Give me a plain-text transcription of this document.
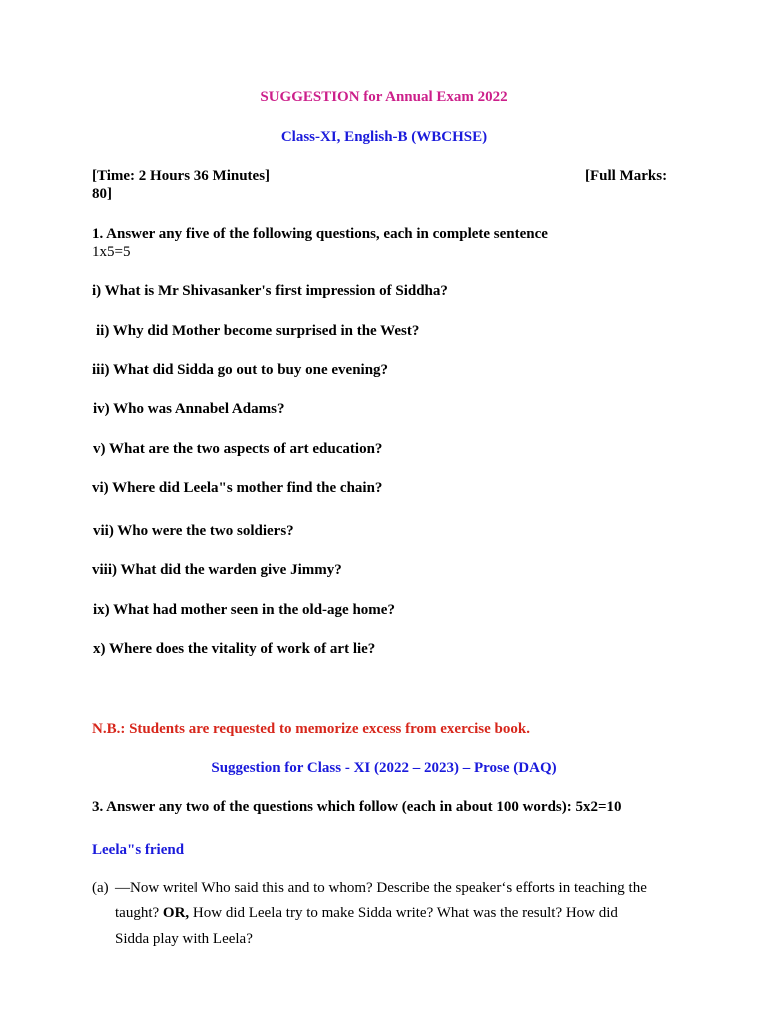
SUGGESTION for Annual Exam 2022
Class-XI, English-B (WBCHSE)
[Time: 2 Hours 36 Minutes]	[Full Marks:
80]
1. Answer any five of the following questions, each in complete sentence
1x5=5
i) What is Mr Shivasanker's first impression of Siddha?
ii) Why did Mother become surprised in the West?
iii) What did Sidda go out to buy one evening?
iv) Who was Annabel Adams?
v) What are the two aspects of art education?
vi) Where did Leela"s mother find the chain?
vii) Who were the two soldiers?
viii) What did the warden give Jimmy?
ix) What had mother seen in the old-age home?
x) Where does the vitality of work of art lie?
N.B.: Students are requested to memorize excess from exercise book.
Suggestion for Class - XI (2022 – 2023) – Prose (DAQ)
3. Answer any two of the questions which follow (each in about 100 words): 5x2=10
Leela"s friend
(a) ―Now write‖ Who said this and to whom? Describe the speaker‘s efforts in teaching the
taught? OR, How did Leela try to make Sidda write? What was the result? How did
Sidda play with Leela?
